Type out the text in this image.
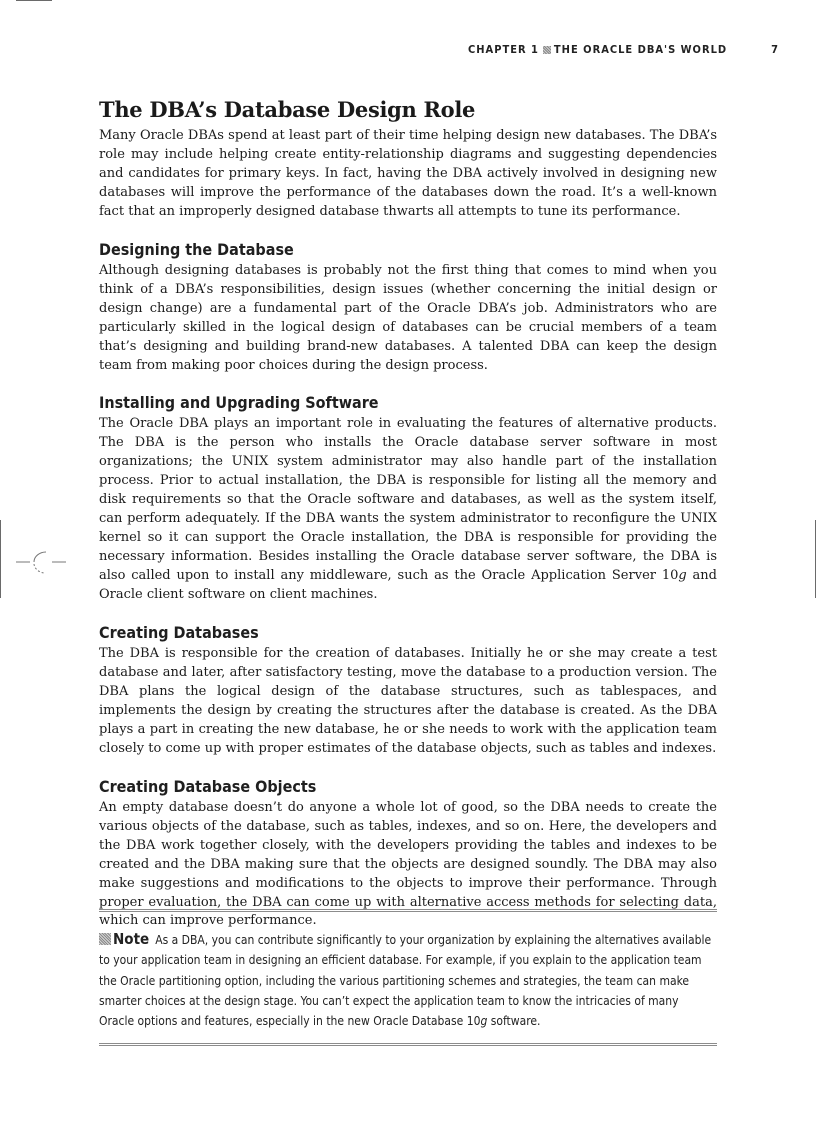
CHAPTER 1 THE ORACLE DBA'S WORLD	7
The DBA’s Database Design Role

Many Oracle DBAs spend at least part of their time helping design new databases. The DBA’s role may include helping create entity-relationship diagrams and suggesting dependencies and candidates for primary keys. In fact, having the DBA actively involved in designing new databases will improve the performance of the databases down the road. It’s a well-known fact that an improperly designed database thwarts all attempts to tune its performance.

Designing the Database

Although designing databases is probably not the first thing that comes to mind when you think of a DBA’s responsibilities, design issues (whether concerning the initial design or design change) are a fundamental part of the Oracle DBA’s job. Administrators who are particularly skilled in the logical design of databases can be crucial members of a team that’s designing and building brand-new databases. A talented DBA can keep the design team from making poor choices during the design process.

Installing and Upgrading Software

The Oracle DBA plays an important role in evaluating the features of alternative products. The DBA is the person who installs the Oracle database server software in most organizations; the UNIX system administrator may also handle part of the installation process. Prior to actual installation, the DBA is responsible for listing all the memory and disk requirements so that the Oracle software and databases, as well as the system itself, can perform adequately. If the DBA wants the system administrator to reconfigure the UNIX kernel so it can support the Oracle installation, the DBA is responsible for providing the necessary information. Besides installing the Oracle database server software, the DBA is also called upon to install any middleware, such as the Oracle Application Server 10g and Oracle client software on client machines.

Creating Databases

The DBA is responsible for the creation of databases. Initially he or she may create a test database and later, after satisfactory testing, move the database to a production version. The DBA plans the logical design of the database structures, such as tablespaces, and implements the design by creating the structures after the database is created. As the DBA plays a part in creating the new database, he or she needs to work with the application team closely to come up with proper estimates of the database objects, such as tables and indexes.

Creating Database Objects

An empty database doesn’t do anyone a whole lot of good, so the DBA needs to create the various objects of the database, such as tables, indexes, and so on. Here, the developers and the DBA work together closely, with the developers providing the tables and indexes to be created and the DBA making sure that the objects are designed soundly. The DBA may also make suggestions and modifications to the objects to improve their performance. Through proper evaluation, the DBA can come up with alternative access methods for selecting data, which can improve performance.

Note As a DBA, you can contribute significantly to your organization by explaining the alternatives available to your application team in designing an efficient database. For example, if you explain to the application team the Oracle partitioning option, including the various partitioning schemes and strategies, the team can make smarter choices at the design stage. You can’t expect the application team to know the intricacies of many Oracle options and features, especially in the new Oracle Database 10g software.
